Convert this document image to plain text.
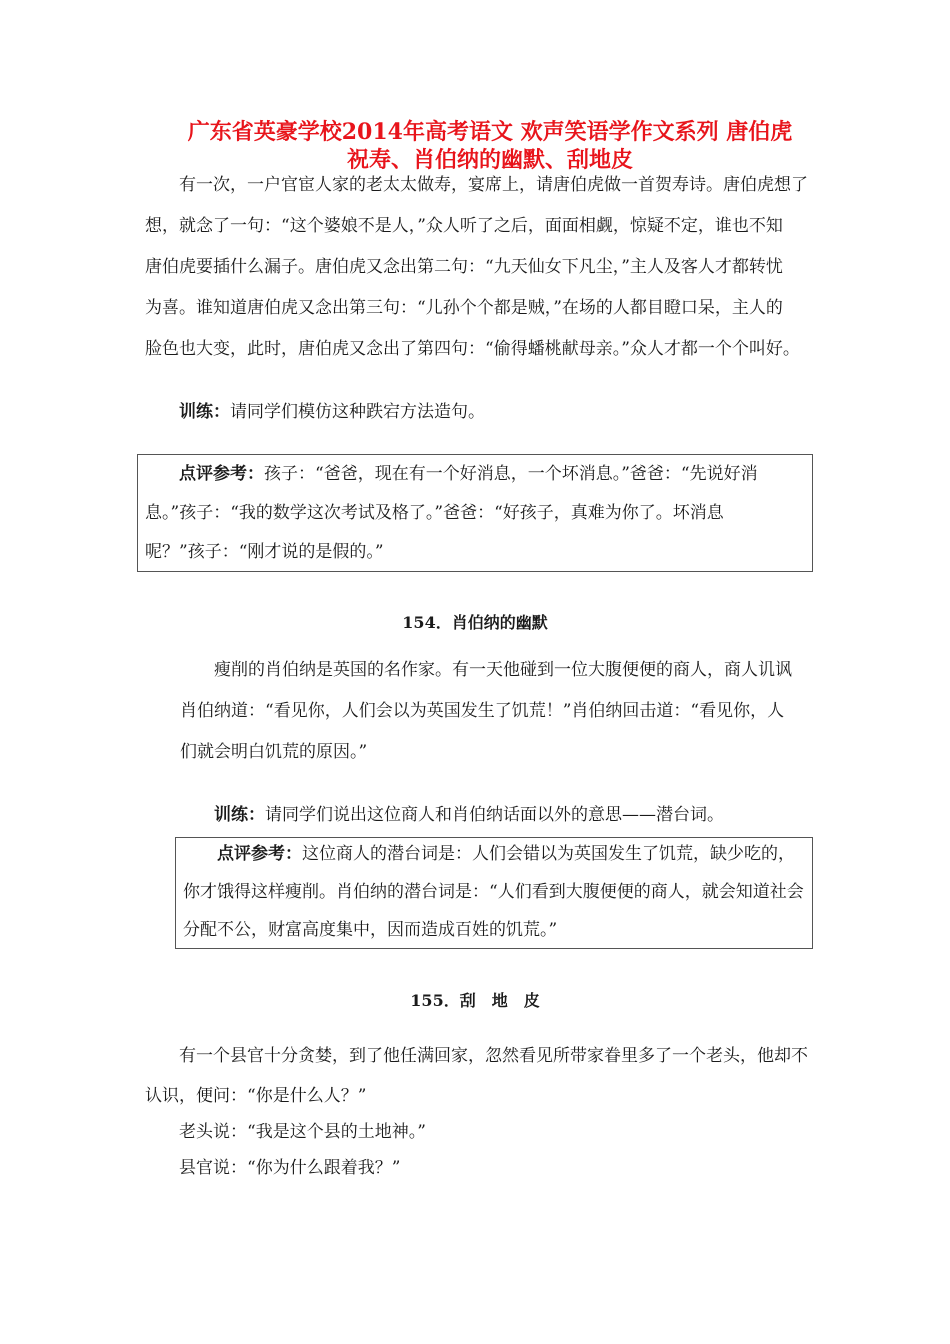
广东省英豪学校2014年高考语文 欢声笑语学作文系列 唐伯虎
祝寿、肖伯纳的幽默、刮地皮
有一次，一户官宦人家的老太太做寿，宴席上，请唐伯虎做一首贺寿诗。唐伯虎想了
想，就念了一句：“这个婆娘不是人，”众人听了之后，面面相觑，惊疑不定，谁也不知
唐伯虎要插什么漏子。唐伯虎又念出第二句：“九天仙女下凡尘，”主人及客人才都转忧
为喜。谁知道唐伯虎又念出第三句：“儿孙个个都是贼，”在场的人都目瞪口呆，主人的
脸色也大变，此时，唐伯虎又念出了第四句：“偷得蟠桃献母亲。”众人才都一个个叫好。
训练：请同学们模仿这种跌宕方法造句。
点评参考：孩子：“爸爸，现在有一个好消息，一个坏消息。”爸爸：“先说好消
息。”孩子：“我的数学这次考试及格了。”爸爸：“好孩子，真难为你了。坏消息
呢？”孩子：“刚才说的是假的。”
154．肖伯纳的幽默
瘦削的肖伯纳是英国的名作家。有一天他碰到一位大腹便便的商人，商人讥讽
肖伯纳道：“看见你，人们会以为英国发生了饥荒！”肖伯纳回击道：“看见你，人
们就会明白饥荒的原因。”
训练：请同学们说出这位商人和肖伯纳话面以外的意思——潜台词。
点评参考：这位商人的潜台词是：人们会错以为英国发生了饥荒，缺少吃的，
你才饿得这样瘦削。肖伯纳的潜台词是：“人们看到大腹便便的商人，就会知道社会
分配不公，财富高度集中，因而造成百姓的饥荒。”
155．刮　地　皮
有一个县官十分贪婪，到了他任满回家，忽然看见所带家眷里多了一个老头，他却不
认识，便问：“你是什么人？”
老头说：“我是这个县的土地神。”
县官说：“你为什么跟着我？”
